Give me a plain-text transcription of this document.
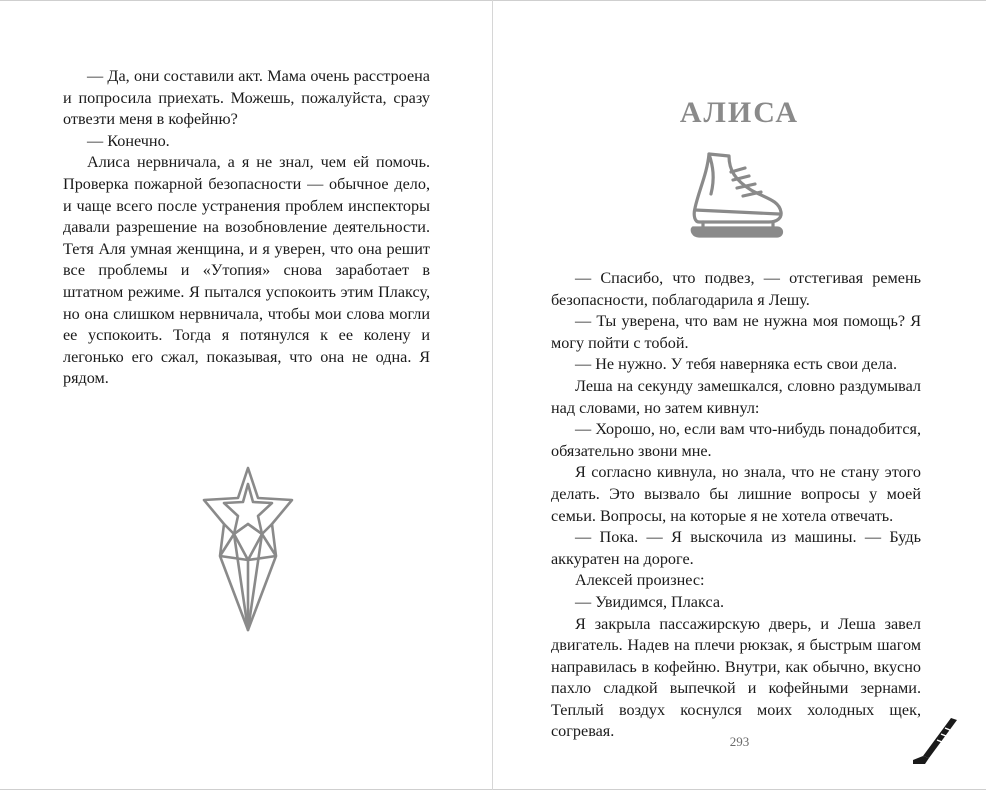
— Да, они составили акт. Мама очень расстроена и попросила приехать. Можешь, пожалуйста, сразу отвезти меня в кофейню?

— Конечно.

Алиса нервничала, а я не знал, чем ей помочь. Проверка пожарной безопасности — обычное дело, и чаще всего после устранения проблем инспекторы давали разрешение на возобновление деятельности. Тетя Аля умная женщина, и я уверен, что она решит все проблемы и «Утопия» снова заработает в штатном режиме. Я пытался успокоить этим Плаксу, но она слишком нервничала, чтобы мои слова могли ее успокоить. Тогда я потянулся к ее колену и легонько его сжал, показывая, что она не одна. Я рядом.

АЛИСА

— Спасибо, что подвез, — отстегивая ремень безопасности, поблагодарила я Лешу.

— Ты уверена, что вам не нужна моя помощь? Я могу пойти с тобой.

— Не нужно. У тебя наверняка есть свои дела.

Леша на секунду замешкался, словно раздумывал над словами, но затем кивнул:

— Хорошо, но, если вам что-нибудь понадобится, обязательно звони мне.

Я согласно кивнула, но знала, что не стану этого делать. Это вызвало бы лишние вопросы у моей семьи. Вопросы, на которые я не хотела отвечать.

— Пока. — Я выскочила из машины. — Будь аккуратен на дороге.

Алексей произнес:

— Увидимся, Плакса.

Я закрыла пассажирскую дверь, и Леша завел двигатель. Надев на плечи рюкзак, я быстрым шагом направилась в кофейню. Внутри, как обычно, вкусно пахло сладкой выпечкой и кофейными зернами. Теплый воздух коснулся моих холодных щек, согревая.

293
